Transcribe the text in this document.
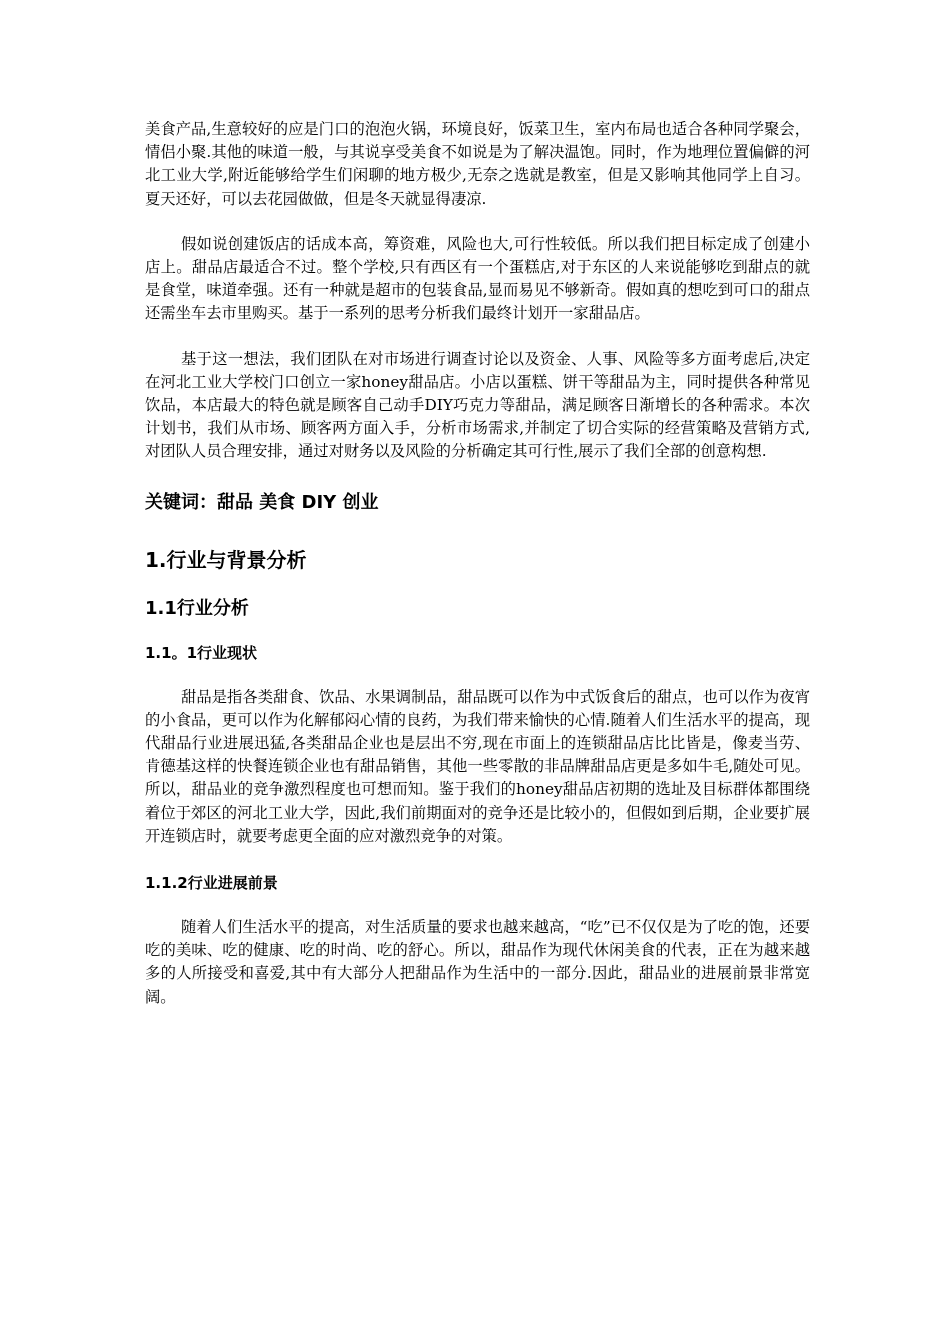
美食产品,生意较好的应是门口的泡泡火锅，环境良好，饭菜卫生，室内布局也适合各种同学聚会，情侣小聚.其他的味道一般，与其说享受美食不如说是为了解决温饱。同时，作为地理位置偏僻的河北工业大学,附近能够给学生们闲聊的地方极少,无奈之选就是教室，但是又影响其他同学上自习。夏天还好，可以去花园做做，但是冬天就显得凄凉.

假如说创建饭店的话成本高，筹资难，风险也大,可行性较低。所以我们把目标定成了创建小店上。甜品店最适合不过。整个学校,只有西区有一个蛋糕店,对于东区的人来说能够吃到甜点的就是食堂，味道牵强。还有一种就是超市的包装食品,显而易见不够新奇。假如真的想吃到可口的甜点还需坐车去市里购买。基于一系列的思考分析我们最终计划开一家甜品店。

基于这一想法，我们团队在对市场进行调查讨论以及资金、人事、风险等多方面考虑后,决定在河北工业大学校门口创立一家honey甜品店。小店以蛋糕、饼干等甜品为主，同时提供各种常见饮品，本店最大的特色就是顾客自己动手DIY巧克力等甜品，满足顾客日渐增长的各种需求。本次计划书，我们从市场、顾客两方面入手，分析市场需求,并制定了切合实际的经营策略及营销方式,对团队人员合理安排，通过对财务以及风险的分析确定其可行性,展示了我们全部的创意构想.

关键词：甜品 美食 DIY 创业
1.行业与背景分析
1.1行业分析
1.1。1行业现状

甜品是指各类甜食、饮品、水果调制品，甜品既可以作为中式饭食后的甜点，也可以作为夜宵的小食品，更可以作为化解郁闷心情的良药，为我们带来愉快的心情.随着人们生活水平的提高，现代甜品行业进展迅猛,各类甜品企业也是层出不穷,现在市面上的连锁甜品店比比皆是，像麦当劳、肯德基这样的快餐连锁企业也有甜品销售，其他一些零散的非品牌甜品店更是多如牛毛,随处可见。所以，甜品业的竞争激烈程度也可想而知。鉴于我们的honey甜品店初期的选址及目标群体都围绕着位于郊区的河北工业大学，因此,我们前期面对的竞争还是比较小的，但假如到后期，企业要扩展开连锁店时，就要考虑更全面的应对激烈竞争的对策。

1.1.2行业进展前景

随着人们生活水平的提高，对生活质量的要求也越来越高，“吃”已不仅仅是为了吃的饱，还要吃的美味、吃的健康、吃的时尚、吃的舒心。所以，甜品作为现代休闲美食的代表，正在为越来越多的人所接受和喜爱,其中有大部分人把甜品作为生活中的一部分.因此，甜品业的进展前景非常宽阔。
